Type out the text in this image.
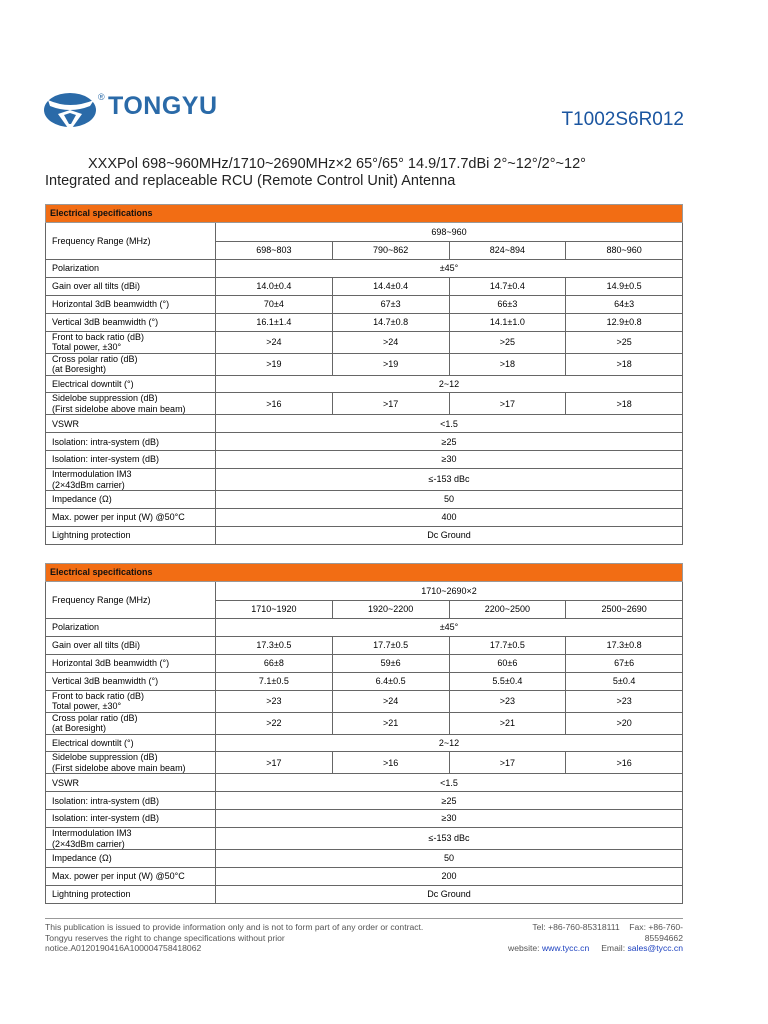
® TONGYU	T1002S6R012
XXXPol 698~960MHz/1710~2690MHz×2 65°/65° 14.9/17.7dBi 2°~12°/2°~12°
Integrated and replaceable RCU (Remote Control Unit) Antenna
Electrical specifications				
Frequency Range (MHz)	698~960			
	698~803	790~862	824~894	880~960

Polarization	±45°			

Gain over all tilts (dBi)	14.0±0.4	14.4±0.4	14.7±0.4	14.9±0.5

Horizontal 3dB beamwidth (°)	70±4	67±3	66±3	64±3

Vertical 3dB beamwidth (°)	16.1±1.4	14.7±0.8	14.1±1.0	12.9±0.8

Front to back ratio (dB)
Total power, ±30°	>24	>24	>25	>25

Cross polar ratio (dB)
(at Boresight)	>19	>19	>18	>18

Electrical downtilt (°)	2~12			

Sidelobe suppression (dB)
(First sidelobe above main beam)	>16	>17	>17	>18

VSWR	<1.5			

Isolation: intra-system (dB)	≥25			

Isolation: inter-system (dB)	≥30			

Intermodulation IM3
(2×43dBm carrier)	≤-153 dBc			

Impedance (Ω)	50			

Max. power per input (W) @50°C	400			

Lightning protection	Dc Ground			
Electrical specifications				
Frequency Range (MHz)	1710~2690×2			
	1710~1920	1920~2200	2200~2500	2500~2690

Polarization	±45°			

Gain over all tilts (dBi)	17.3±0.5	17.7±0.5	17.7±0.5	17.3±0.8

Horizontal 3dB beamwidth (°)	66±8	59±6	60±6	67±6

Vertical 3dB beamwidth (°)	7.1±0.5	6.4±0.5	5.5±0.4	5±0.4

Front to back ratio (dB)
Total power, ±30°	>23	>24	>23	>23

Cross polar ratio (dB)
(at Boresight)	>22	>21	>21	>20

Electrical downtilt (°)	2~12			

Sidelobe suppression (dB)
(First sidelobe above main beam)	>17	>16	>17	>16

VSWR	<1.5			

Isolation: intra-system (dB)	≥25			

Isolation: inter-system (dB)	≥30			

Intermodulation IM3
(2×43dBm carrier)	≤-153 dBc			

Impedance (Ω)	50			

Max. power per input (W) @50°C	200			

Lightning protection	Dc Ground			
This publication is issued to provide information only and is not to form part of any order or contract.
Tongyu reserves the right to change specifications without prior
notice.A0120190416A100004758418062
Tel: +86-760-85318111 Fax: +86-760-
85594662
website: www.tycc.cn Email: sales@tycc.cn
